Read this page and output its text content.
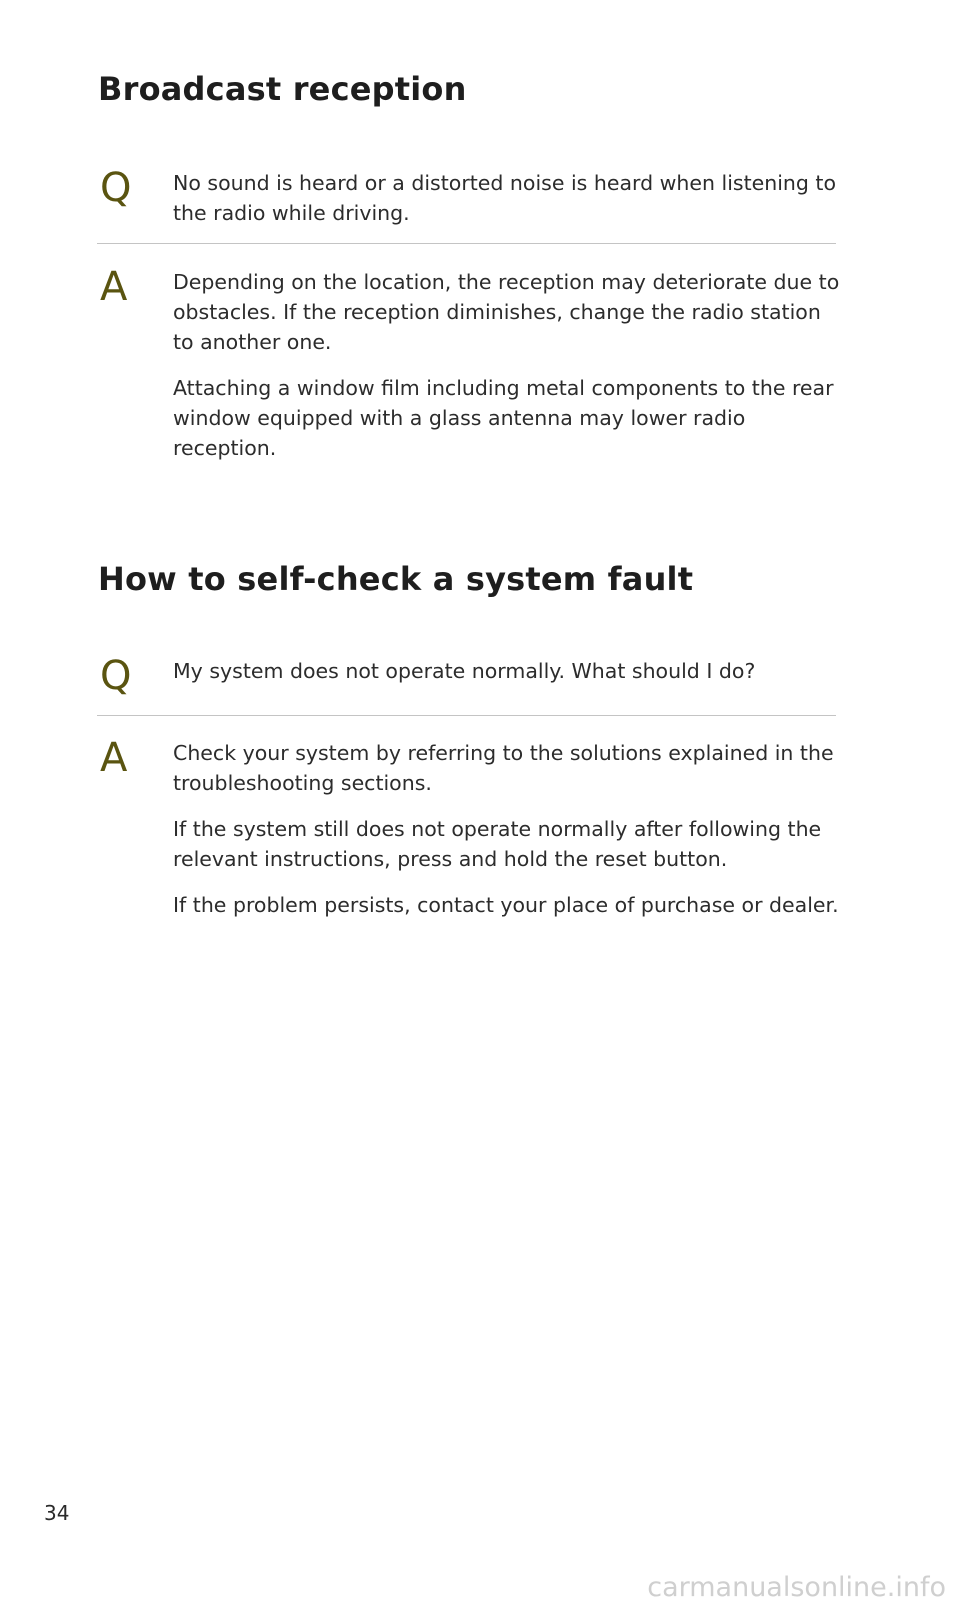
Broadcast reception
Q No sound is heard or a distorted noise is heard when listening to the radio while driving.

A Depending on the location, the reception may deteriorate due to obstacles. If the reception diminishes, change the radio station to another one.

Attaching a window film including metal components to the rear window equipped with a glass antenna may lower radio reception.

How to self-check a system fault
Q My system does not operate normally. What should I do?

A Check your system by referring to the solutions explained in the troubleshooting sections.

If the system still does not operate normally after following the relevant instructions, press and hold the reset button.

If the problem persists, contact your place of purchase or dealer.

34
carmanualsonline.info
